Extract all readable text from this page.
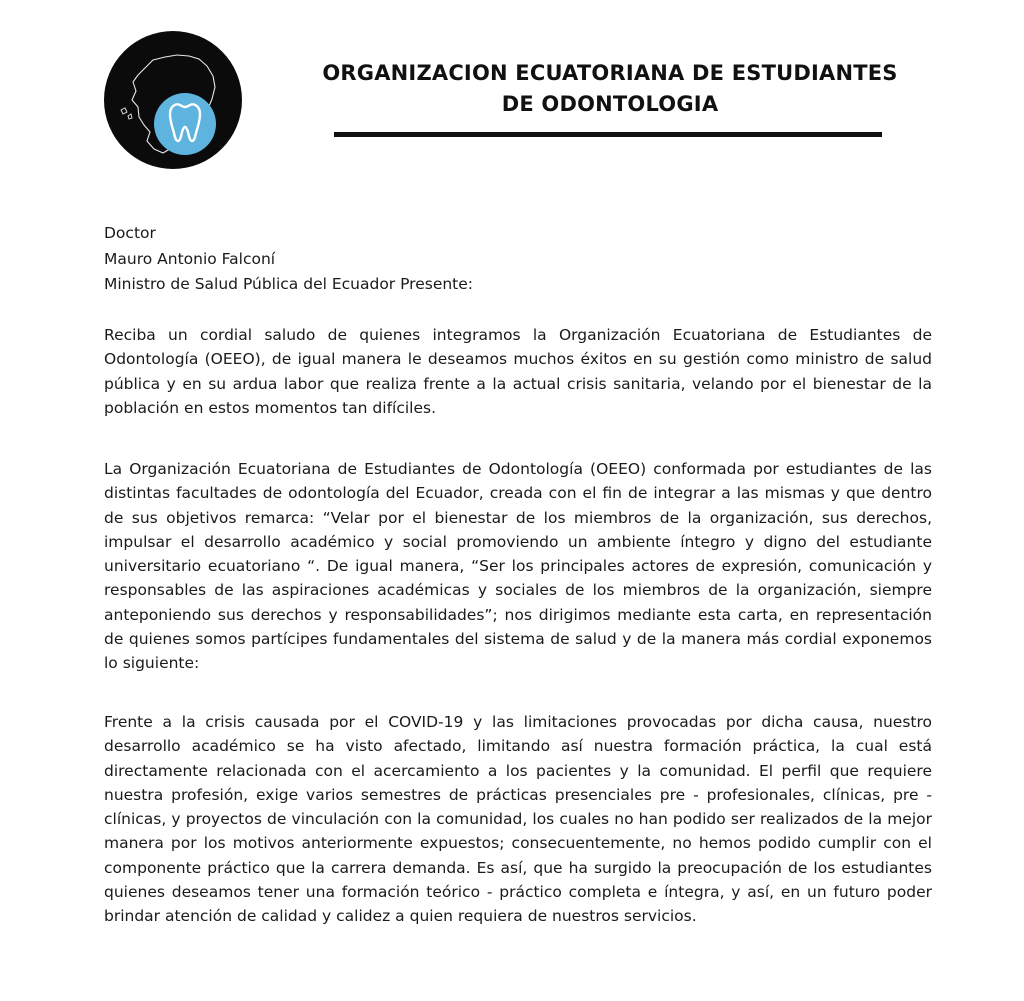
ORGANIZACION ECUATORIANA DE ESTUDIANTES DE ODONTOLOGIA
Doctor
Mauro Antonio Falconí
Ministro de Salud Pública del Ecuador Presente:

Reciba un cordial saludo de quienes integramos la Organización Ecuatoriana de Estudiantes de Odontología (OEEO), de igual manera le deseamos muchos éxitos en su gestión como ministro de salud pública y en su ardua labor que realiza frente a la actual crisis sanitaria, velando por el bienestar de la población en estos momentos tan difíciles.

La Organización Ecuatoriana de Estudiantes de Odontología (OEEO) conformada por estudiantes de las distintas facultades de odontología del Ecuador, creada con el fin de integrar a las mismas y que dentro de sus objetivos remarca: “Velar por el bienestar de los miembros de la organización, sus derechos, impulsar el desarrollo académico y social promoviendo un ambiente íntegro y digno del estudiante universitario ecuatoriano “. De igual manera, “Ser los principales actores de expresión, comunicación y responsables de las aspiraciones académicas y sociales de los miembros de la organización, siempre anteponiendo sus derechos y responsabilidades”; nos dirigimos mediante esta carta, en representación de quienes somos partícipes fundamentales del sistema de salud y de la manera más cordial exponemos lo siguiente:

Frente a la crisis causada por el COVID-19 y las limitaciones provocadas por dicha causa, nuestro desarrollo académico se ha visto afectado, limitando así nuestra formación práctica, la cual está directamente relacionada con el acercamiento a los pacientes y la comunidad. El perfil que requiere nuestra profesión, exige varios semestres de prácticas presenciales pre - profesionales, clínicas, pre - clínicas, y proyectos de vinculación con la comunidad, los cuales no han podido ser realizados de la mejor manera por los motivos anteriormente expuestos; consecuentemente, no hemos podido cumplir con el componente práctico que la carrera demanda. Es así, que ha surgido la preocupación de los estudiantes quienes deseamos tener una formación teórico - práctico completa e íntegra, y así, en un futuro poder brindar atención de calidad y calidez a quien requiera de nuestros servicios.
